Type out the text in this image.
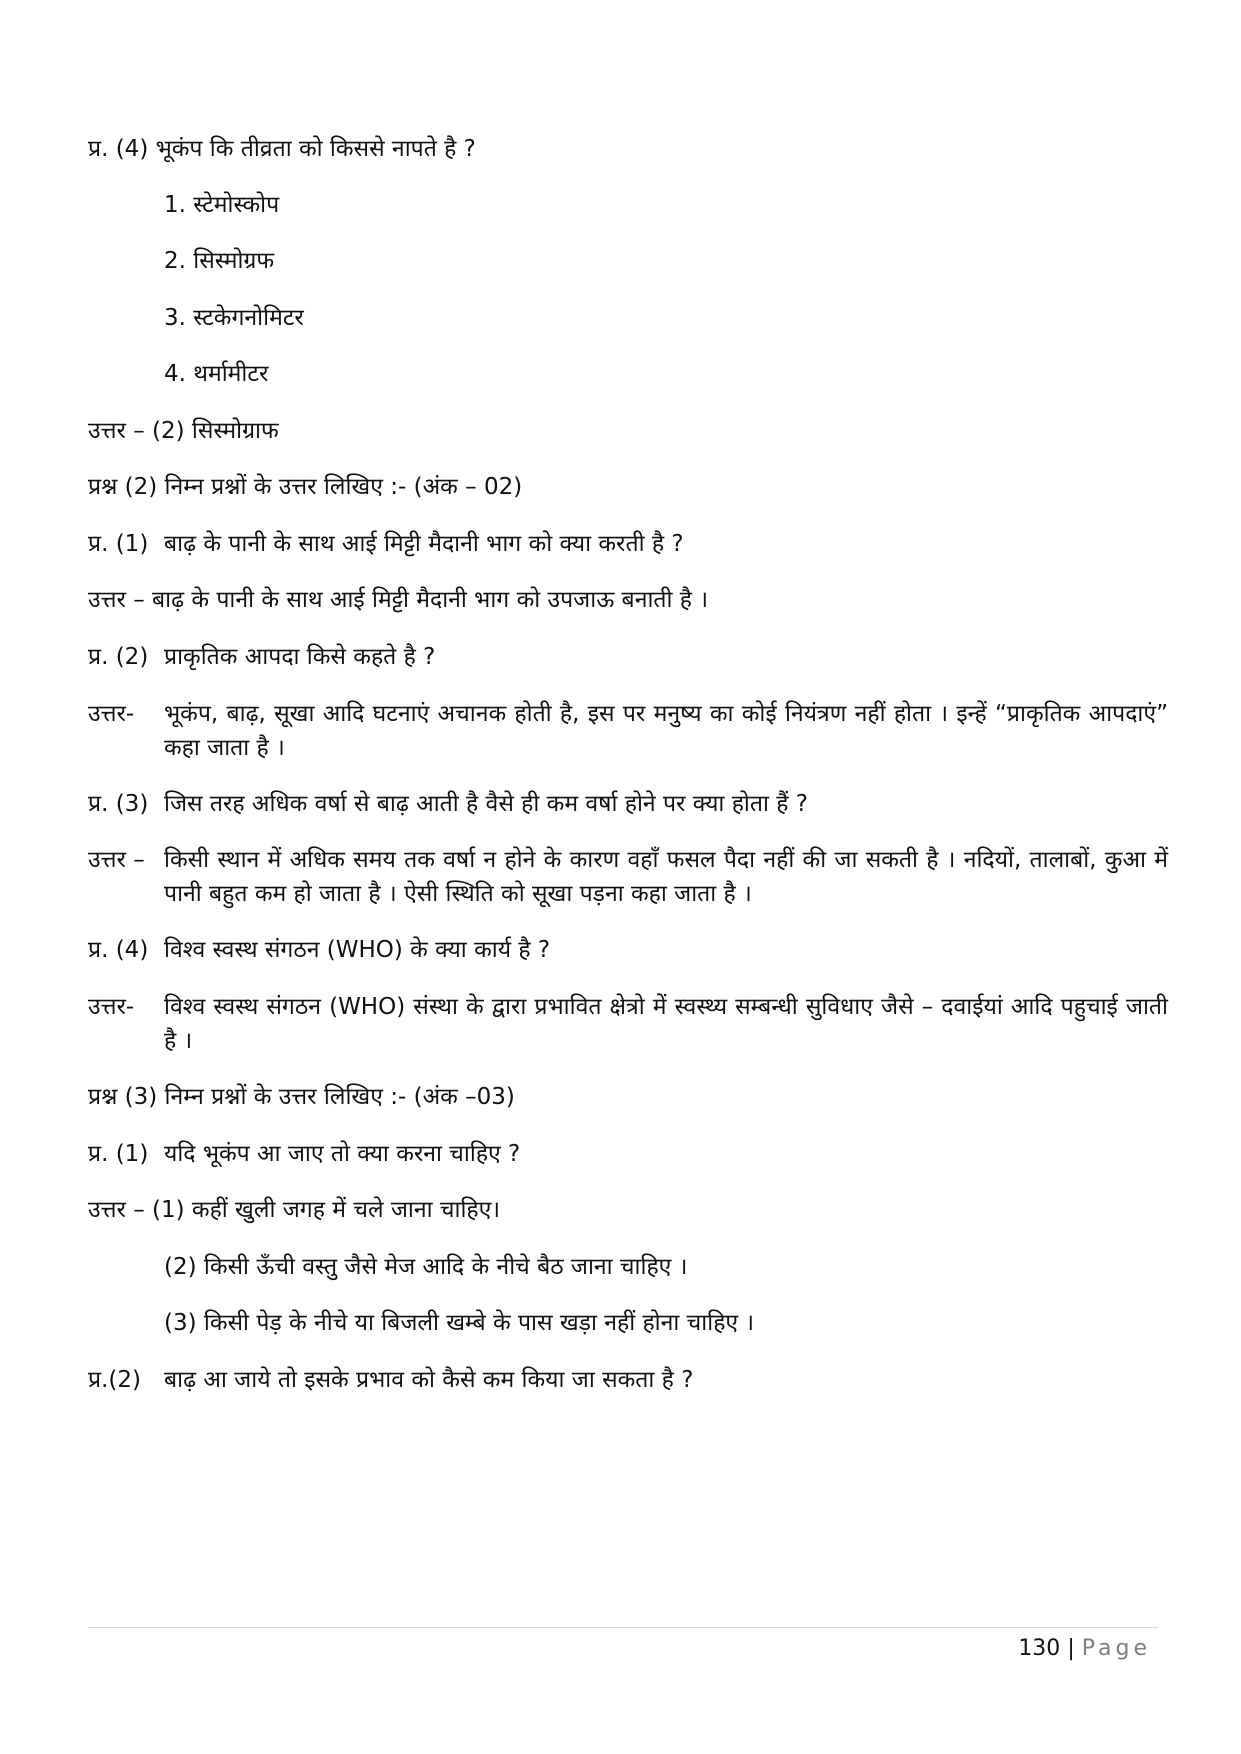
प्र. (4) भूकंप कि तीव्रता को किससे नापते है ?
1. स्टेमोस्कोप
2. सिस्मोग्रफ
3. स्टकेगनोमिटर
4. थर्मामीटर
उत्तर – (2) सिस्मोग्राफ
प्रश्न (2) निम्न प्रश्नों के उत्तर लिखिए :- (अंक – 02)
प्र. (1) बाढ़ के पानी के साथ आई मिट्टी मैदानी भाग को क्या करती है ?
उत्तर – बाढ़ के पानी के साथ आई मिट्टी मैदानी भाग को उपजाऊ बनाती है ।
प्र. (2) प्राकृतिक आपदा किसे कहते है ?
उत्तर- भूकंप, बाढ़, सूखा आदि घटनाएं अचानक होती है, इस पर मनुष्य का कोई नियंत्रण नहीं होता । इन्हें “प्राकृतिक आपदाएं” कहा जाता है ।
प्र. (3) जिस तरह अधिक वर्षा से बाढ़ आती है वैसे ही कम वर्षा होने पर क्या होता हैं ?
उत्तर – किसी स्थान में अधिक समय तक वर्षा न होने के कारण वहाँ फसल पैदा नहीं की जा सकती है । नदियों, तालाबों, कुआ में पानी बहुत कम हो जाता है । ऐसी स्थिति को सूखा पड़ना कहा जाता है ।
प्र. (4) विश्व स्वस्थ संगठन (WHO) के क्या कार्य है ?
उत्तर- विश्व स्वस्थ संगठन (WHO) संस्था के द्वारा प्रभावित क्षेत्रो में स्वस्थ्य सम्बन्धी सुविधाए जैसे – दवाईयां आदि पहुचाई जाती है ।
प्रश्न (3) निम्न प्रश्नों के उत्तर लिखिए :- (अंक –03)
प्र. (1) यदि भूकंप आ जाए तो क्या करना चाहिए ?
उत्तर – (1) कहीं खुली जगह में चले जाना चाहिए।
(2) किसी ऊँची वस्तु जैसे मेज आदि के नीचे बैठ जाना चाहिए ।
(3) किसी पेड़ के नीचे या बिजली खम्बे के पास खड़ा नहीं होना चाहिए ।
प्र.(2) बाढ़ आ जाये तो इसके प्रभाव को कैसे कम किया जा सकता है ?
130 | Page
